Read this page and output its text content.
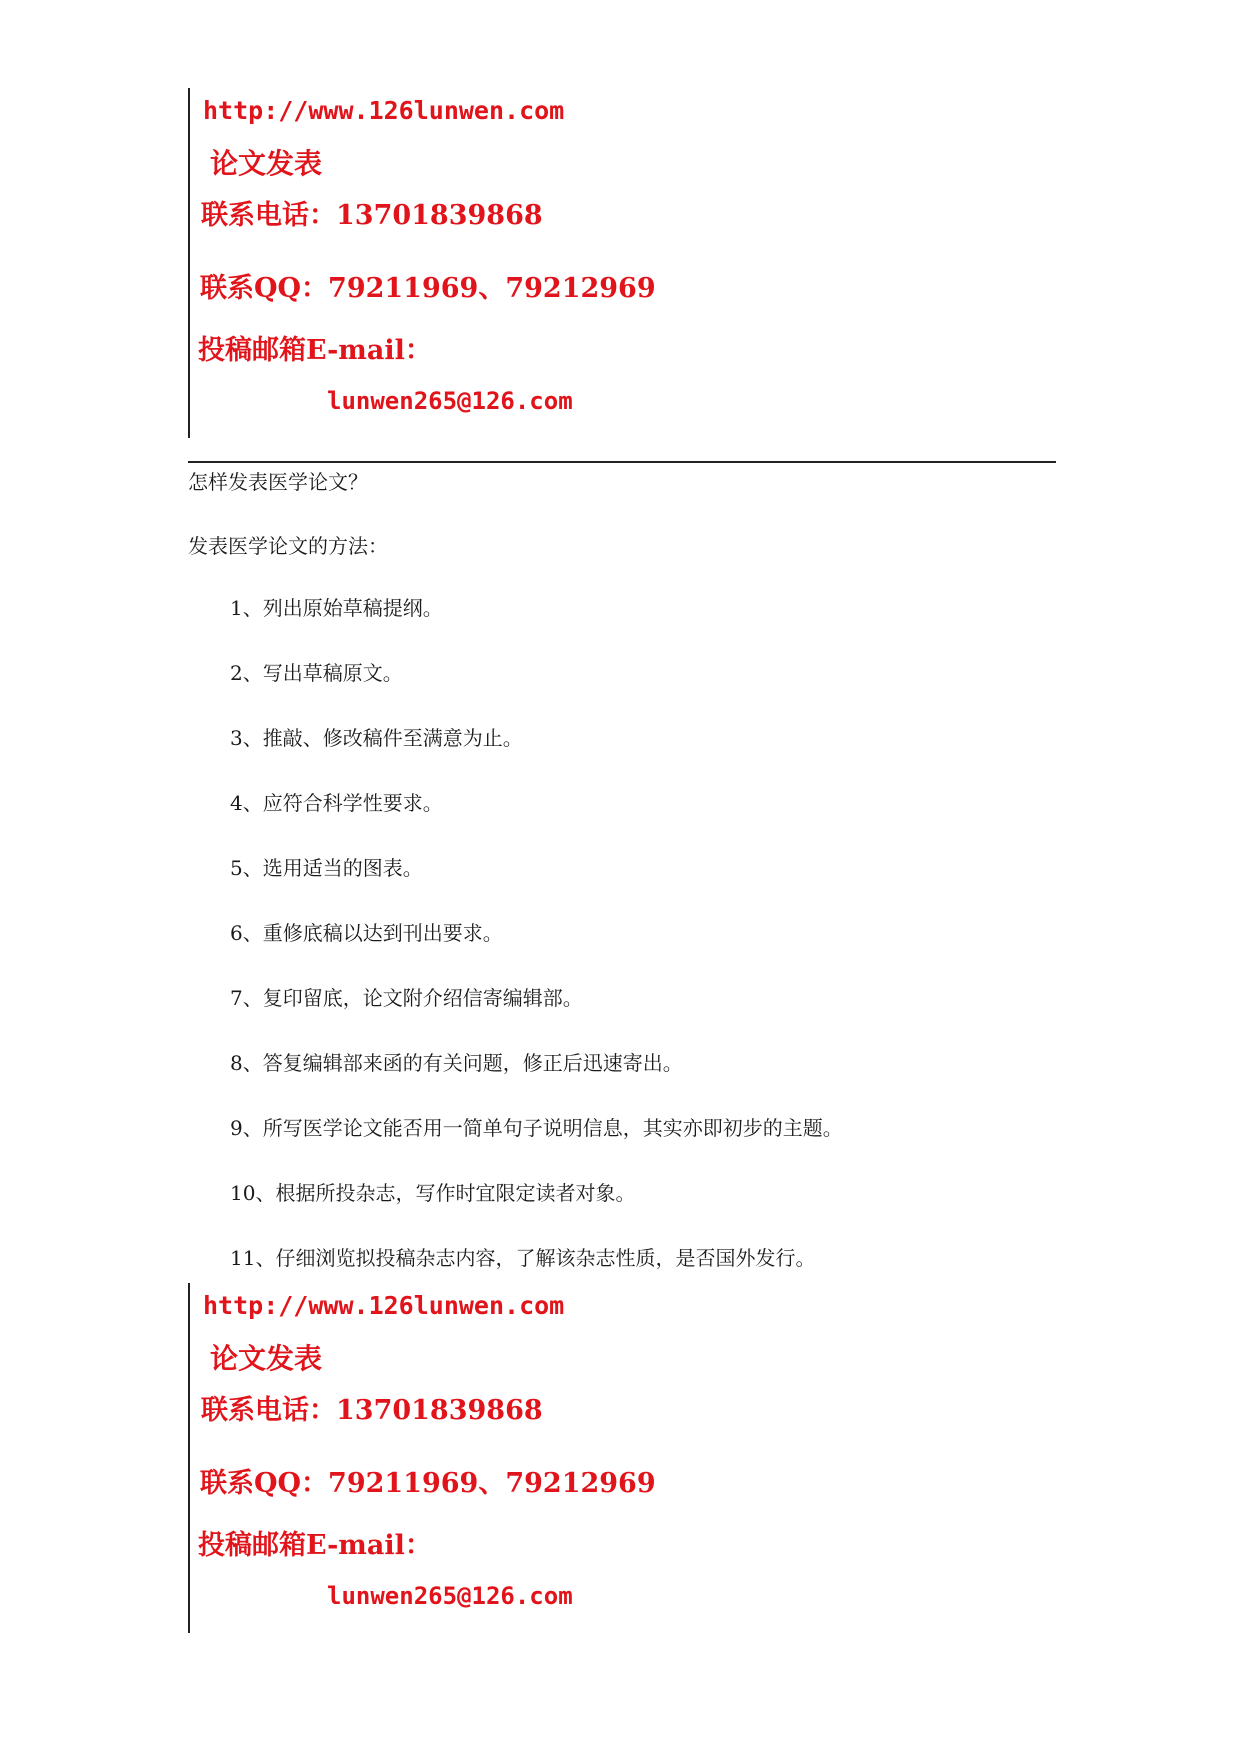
http://www.126lunwen.com
论文发表
联系电话：13701839868
联系QQ：79211969、79212969
投稿邮箱E-mail：
lunwen265@126.com
怎样发表医学论文？
发表医学论文的方法：
1、列出原始草稿提纲。
2、写出草稿原文。
3、推敲、修改稿件至满意为止。
4、应符合科学性要求。
5、选用适当的图表。
6、重修底稿以达到刊出要求。
7、复印留底，论文附介绍信寄编辑部。
8、答复编辑部来函的有关问题，修正后迅速寄出。
9、所写医学论文能否用一简单句子说明信息，其实亦即初步的主题。
10、根据所投杂志，写作时宜限定读者对象。
11、仔细浏览拟投稿杂志内容，了解该杂志性质，是否国外发行。
http://www.126lunwen.com
论文发表
联系电话：13701839868
联系QQ：79211969、79212969
投稿邮箱E-mail：
lunwen265@126.com
